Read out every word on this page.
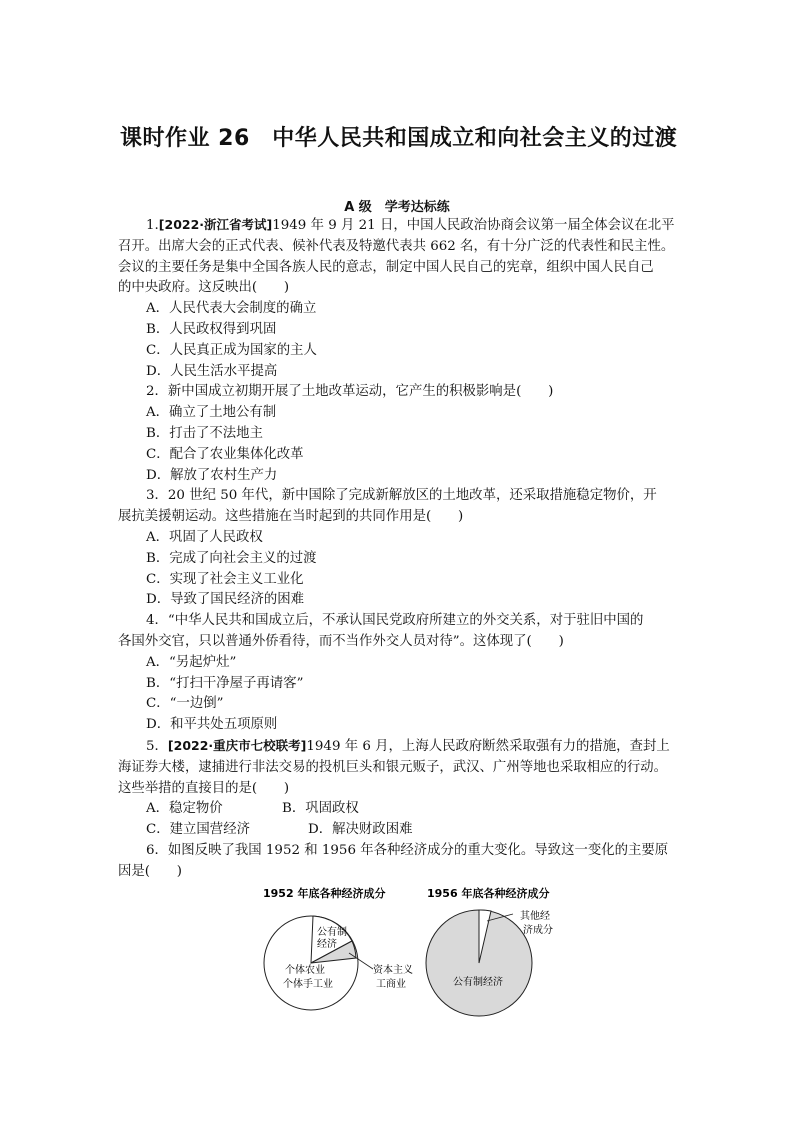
课时作业 26　中华人民共和国成立和向社会主义的过渡
A 级　学考达标练

1.[2022·浙江省考试]1949 年 9 月 21 日，中国人民政治协商会议第一届全体会议在北平

召开。出席大会的正式代表、候补代表及特邀代表共 662 名，有十分广泛的代表性和民主性。

会议的主要任务是集中全国各族人民的意志，制定中国人民自己的宪章，组织中国人民自己

的中央政府。这反映出(　　)

A．人民代表大会制度的确立

B．人民政权得到巩固

C．人民真正成为国家的主人

D．人民生活水平提高

2．新中国成立初期开展了土地改革运动，它产生的积极影响是(　　)

A．确立了土地公有制

B．打击了不法地主

C．配合了农业集体化改革

D．解放了农村生产力

3．20 世纪 50 年代，新中国除了完成新解放区的土地改革，还采取措施稳定物价，开

展抗美援朝运动。这些措施在当时起到的共同作用是(　　)

A．巩固了人民政权

B．完成了向社会主义的过渡

C．实现了社会主义工业化

D．导致了国民经济的困难

4．“中华人民共和国成立后，不承认国民党政府所建立的外交关系，对于驻旧中国的

各国外交官，只以普通外侨看待，而不当作外交人员对待”。这体现了(　　)

A．“另起炉灶”

B．“打扫干净屋子再请客”

C．“一边倒”

D．和平共处五项原则

5．[2022·重庆市七校联考]1949 年 6 月，上海人民政府断然采取强有力的措施，查封上

海证券大楼，逮捕进行非法交易的投机巨头和银元贩子，武汉、广州等地也采取相应的行动。

这些举措的直接目的是(　　)

A．稳定物价	B．巩固政权

C．建立国营经济	D．解决财政困难

6．如图反映了我国 1952 和 1956 年各种经济成分的重大变化。导致这一变化的主要原

因是(　　)

1952 年底各种经济成分
公有制
经济
资本主义
工商业
个体农业
个体手工业
1956 年底各种经济成分
其他经
济成分
公有制经济
